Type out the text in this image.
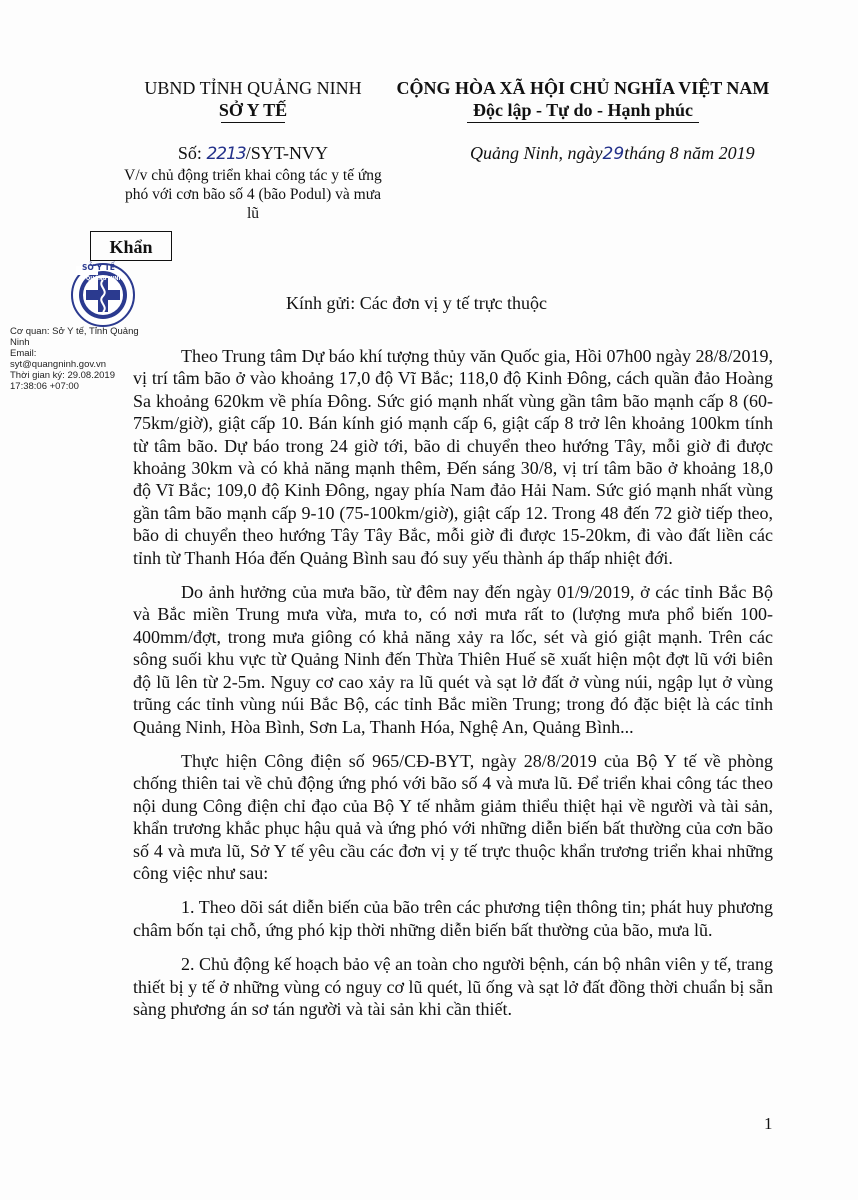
UBND TỈNH QUẢNG NINH
SỞ Y TẾ
CỘNG HÒA XÃ HỘI CHỦ NGHĨA VIỆT NAM
Độc lập - Tự do - Hạnh phúc
Số: 2213/SYT-NVY
V/v chủ động triển khai công tác y tế ứng phó với cơn bão số 4 (bão Podul) và mưa lũ
Quảng Ninh, ngày29tháng 8 năm 2019
Khẩn
SỞ Y TẾ
QUẢNG NINH
Cơ quan: Sở Y tế, Tỉnh Quảng Ninh
Email:
syt@quangninh.gov.vn
Thời gian ký: 29.08.2019 17:38:06 +07:00
Kính gửi: Các đơn vị y tế trực thuộc

Theo Trung tâm Dự báo khí tượng thủy văn Quốc gia, Hồi 07h00 ngày 28/8/2019, vị trí tâm bão ở vào khoảng 17,0 độ Vĩ Bắc; 118,0 độ Kinh Đông, cách quần đảo Hoàng Sa khoảng 620km về phía Đông. Sức gió mạnh nhất vùng gần tâm bão mạnh cấp 8 (60-75km/giờ), giật cấp 10. Bán kính gió mạnh cấp 6, giật cấp 8 trở lên khoảng 100km tính từ tâm bão. Dự báo trong 24 giờ tới, bão di chuyển theo hướng Tây, mỗi giờ đi được khoảng 30km và có khả năng mạnh thêm, Đến sáng 30/8, vị trí tâm bão ở khoảng 18,0 độ Vĩ Bắc; 109,0 độ Kinh Đông, ngay phía Nam đảo Hải Nam. Sức gió mạnh nhất vùng gần tâm bão mạnh cấp 9-10 (75-100km/giờ), giật cấp 12. Trong 48 đến 72 giờ tiếp theo, bão di chuyển theo hướng Tây Tây Bắc, mỗi giờ đi được 15-20km, đi vào đất liền các tỉnh từ Thanh Hóa đến Quảng Bình sau đó suy yếu thành áp thấp nhiệt đới.

Do ảnh hưởng của mưa bão, từ đêm nay đến ngày 01/9/2019, ở các tỉnh Bắc Bộ và Bắc miền Trung mưa vừa, mưa to, có nơi mưa rất to (lượng mưa phổ biến 100-400mm/đợt, trong mưa giông có khả năng xảy ra lốc, sét và gió giật mạnh. Trên các sông suối khu vực từ Quảng Ninh đến Thừa Thiên Huế sẽ xuất hiện một đợt lũ với biên độ lũ lên từ 2-5m. Nguy cơ cao xảy ra lũ quét và sạt lở đất ở vùng núi, ngập lụt ở vùng trũng các tỉnh vùng núi Bắc Bộ, các tỉnh Bắc miền Trung; trong đó đặc biệt là các tỉnh Quảng Ninh, Hòa Bình, Sơn La, Thanh Hóa, Nghệ An, Quảng Bình...

Thực hiện Công điện số 965/CĐ-BYT, ngày 28/8/2019 của Bộ Y tế về phòng chống thiên tai về chủ động ứng phó với bão số 4 và mưa lũ. Để triển khai công tác theo nội dung Công điện chỉ đạo của Bộ Y tế nhằm giảm thiểu thiệt hại về người và tài sản, khẩn trương khắc phục hậu quả và ứng phó với những diễn biến bất thường của cơn bão số 4 và mưa lũ, Sở Y tế yêu cầu các đơn vị y tế trực thuộc khẩn trương triển khai những công việc như sau:

1. Theo dõi sát diễn biến của bão trên các phương tiện thông tin; phát huy phương châm bốn tại chỗ, ứng phó kịp thời những diễn biến bất thường của bão, mưa lũ.

2. Chủ động kế hoạch bảo vệ an toàn cho người bệnh, cán bộ nhân viên y tế, trang thiết bị y tế ở những vùng có nguy cơ lũ quét, lũ ống và sạt lở đất đồng thời chuẩn bị sẵn sàng phương án sơ tán người và tài sản khi cần thiết.

1
